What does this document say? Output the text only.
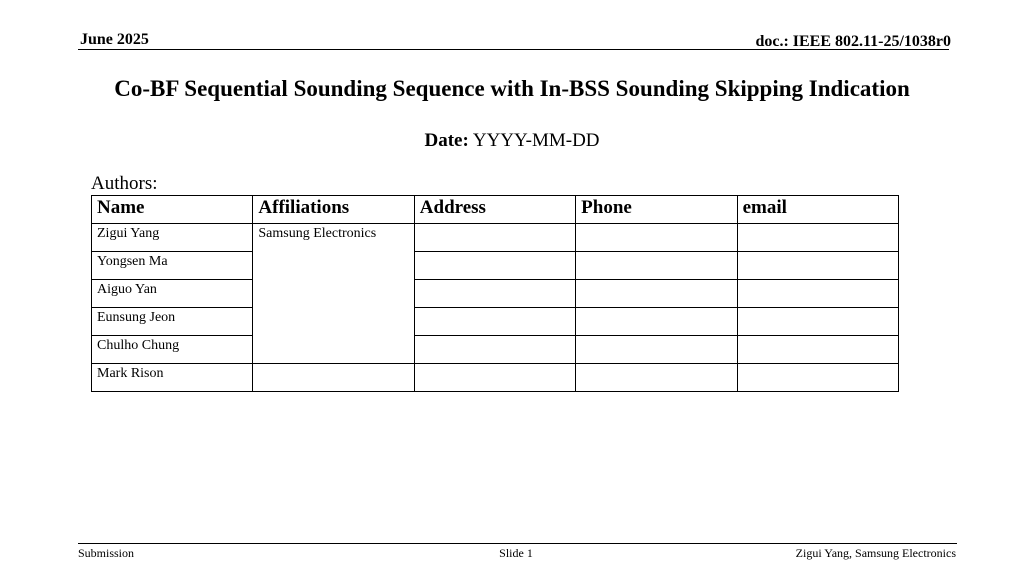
June 2025	doc.: IEEE 802.11-25/1038r0
Co-BF Sequential Sounding Sequence with In-BSS Sounding Skipping Indication
Date: YYYY-MM-DD
Authors:
Name	Affiliations	Address	Phone	email
Zigui Yang	Samsung Electronics			
Yongsen Ma				
Aiguo Yan				
Eunsung Jeon				
Chulho Chung				
Mark Rison				
Submission	Slide 1	Zigui Yang, Samsung Electronics
